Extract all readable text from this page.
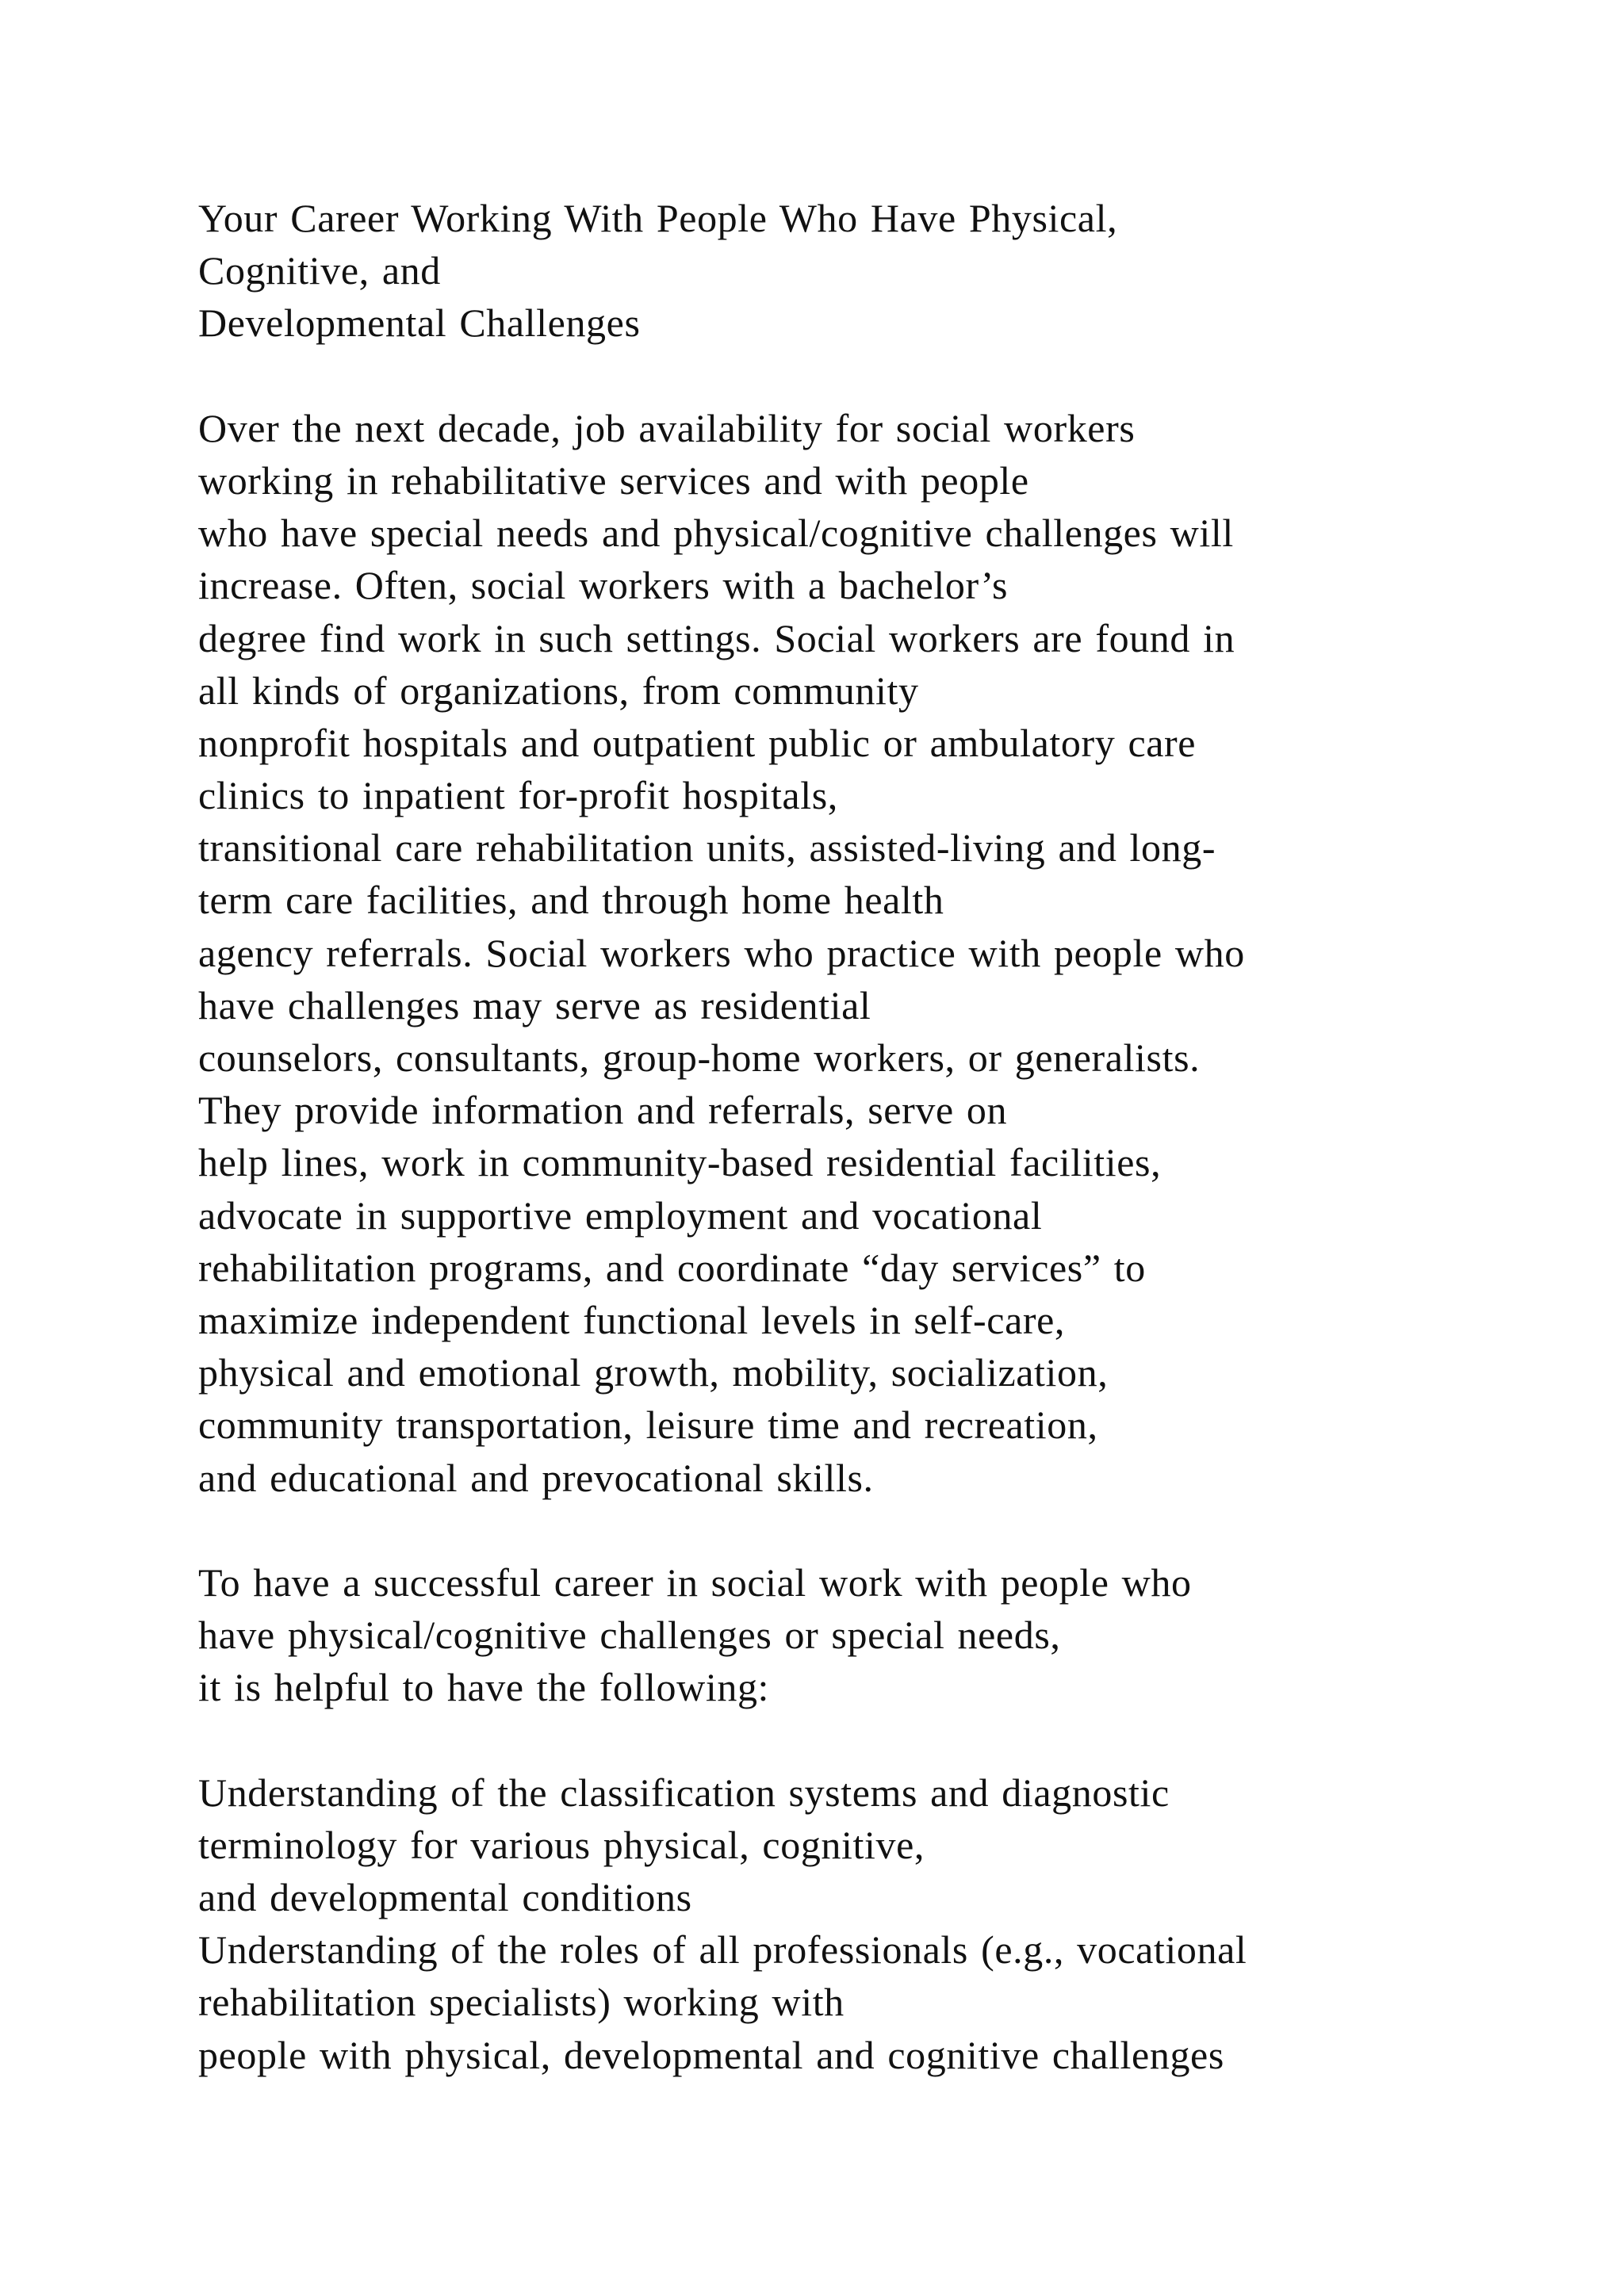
Your Career Working With People Who Have Physical,
Cognitive, and
Developmental Challenges
Over the next decade, job availability for social workers
working in rehabilitative services and with people
who have special needs and physical/cognitive challenges will
increase. Often, social workers with a bachelor’s
degree find work in such settings. Social workers are found in
all kinds of organizations, from community
nonprofit hospitals and outpatient public or ambulatory care
clinics to inpatient for-profit hospitals,
transitional care rehabilitation units, assisted-living and long-
term care facilities, and through home health
agency referrals. Social workers who practice with people who
have challenges may serve as residential
counselors, consultants, group-home workers, or generalists.
They provide information and referrals, serve on
help lines, work in community-based residential facilities,
advocate in supportive employment and vocational
rehabilitation programs, and coordinate “day services” to
maximize independent functional levels in self-care,
physical and emotional growth, mobility, socialization,
community transportation, leisure time and recreation,
and educational and prevocational skills.
To have a successful career in social work with people who
have physical/cognitive challenges or special needs,
it is helpful to have the following:
Understanding of the classification systems and diagnostic
terminology for various physical, cognitive,
and developmental conditions
Understanding of the roles of all professionals (e.g., vocational
rehabilitation specialists) working with
people with physical, developmental and cognitive challenges
